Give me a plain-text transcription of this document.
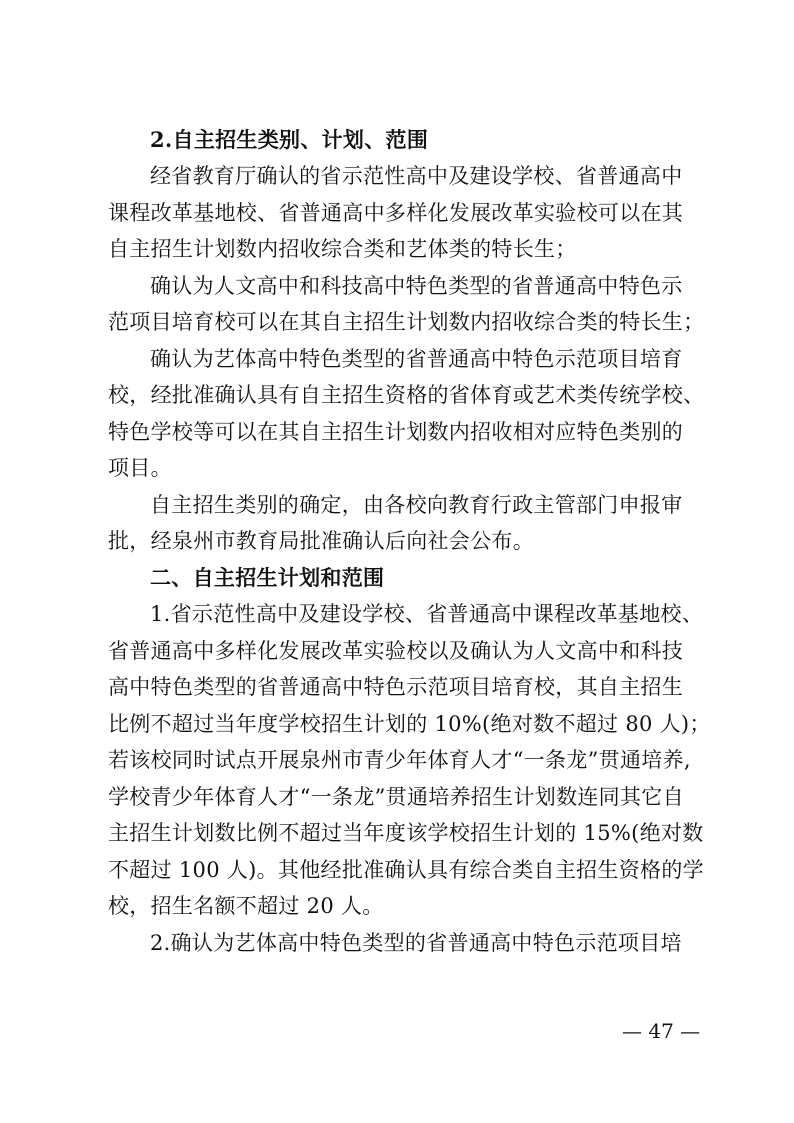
2.自主招生类别、计划、范围
经省教育厅确认的省示范性高中及建设学校、省普通高中
课程改革基地校、省普通高中多样化发展改革实验校可以在其
自主招生计划数内招收综合类和艺体类的特长生；
确认为人文高中和科技高中特色类型的省普通高中特色示
范项目培育校可以在其自主招生计划数内招收综合类的特长生；
确认为艺体高中特色类型的省普通高中特色示范项目培育
校，经批准确认具有自主招生资格的省体育或艺术类传统学校、
特色学校等可以在其自主招生计划数内招收相对应特色类别的
项目。
自主招生类别的确定，由各校向教育行政主管部门申报审
批，经泉州市教育局批准确认后向社会公布。
二、自主招生计划和范围
1.省示范性高中及建设学校、省普通高中课程改革基地校、
省普通高中多样化发展改革实验校以及确认为人文高中和科技
高中特色类型的省普通高中特色示范项目培育校，其自主招生
比例不超过当年度学校招生计划的 10%(绝对数不超过 80 人)；
若该校同时试点开展泉州市青少年体育人才“一条龙”贯通培养,
学校青少年体育人才“一条龙”贯通培养招生计划数连同其它自
主招生计划数比例不超过当年度该学校招生计划的 15%(绝对数
不超过 100 人)。其他经批准确认具有综合类自主招生资格的学
校，招生名额不超过 20 人。
2.确认为艺体高中特色类型的省普通高中特色示范项目培
— 47 —
